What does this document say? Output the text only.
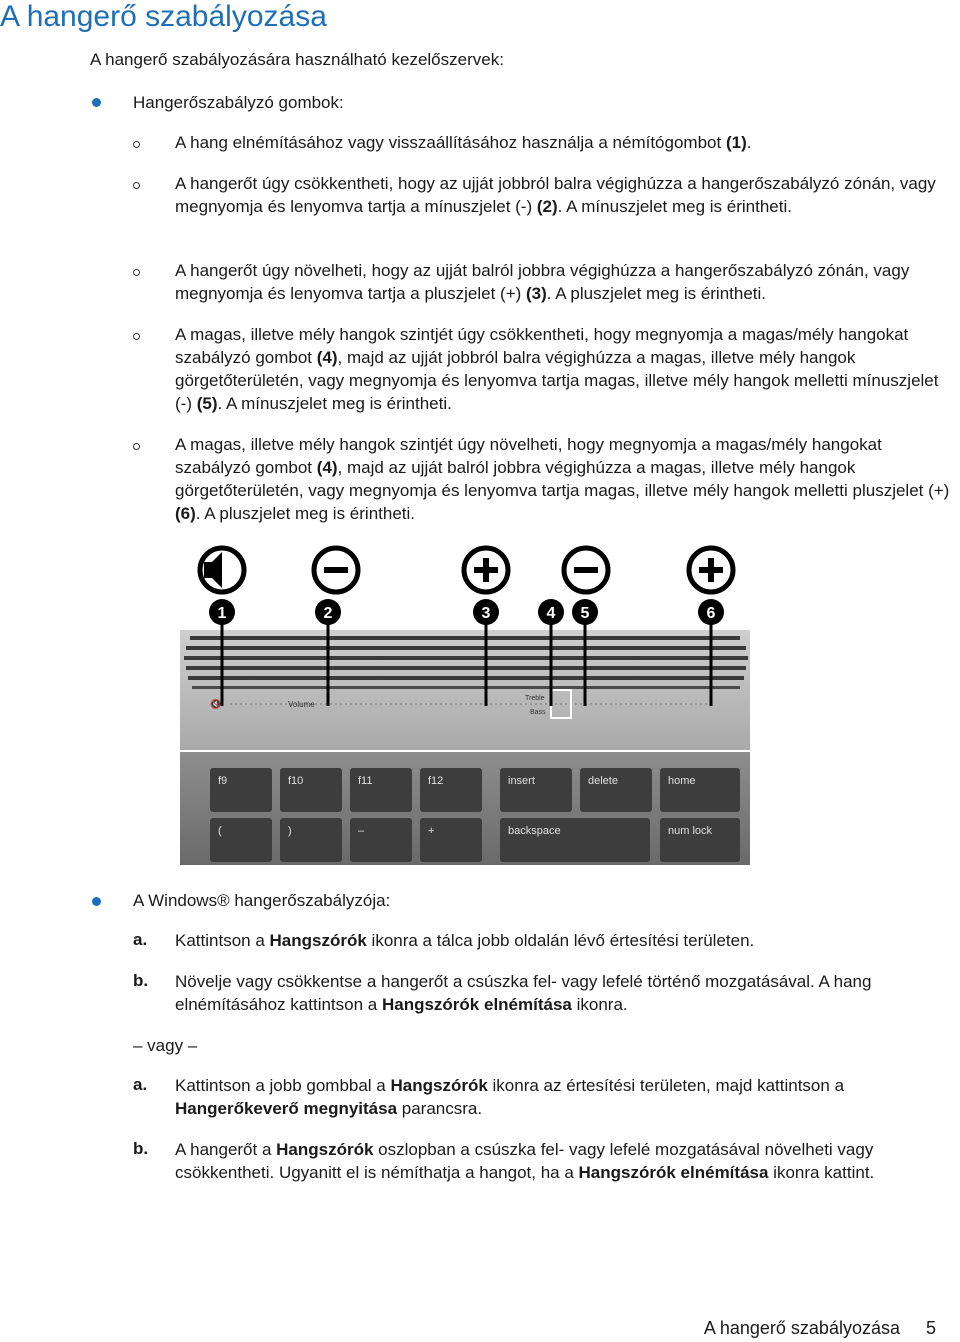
A hangerő szabályozása
A hangerő szabályozására használható kezelőszervek:
Hangerőszabályzó gombok:
A hang elnémításához vagy visszaállításához használja a némítógombot (1).
A hangerőt úgy csökkentheti, hogy az ujját jobbról balra végighúzza a hangerőszabályzó zónán, vagy megnyomja és lenyomva tartja a mínuszjelet (-) (2). A mínuszjelet meg is érintheti.
A hangerőt úgy növelheti, hogy az ujját balról jobbra végighúzza a hangerőszabályzó zónán, vagy megnyomja és lenyomva tartja a pluszjelet (+) (3). A pluszjelet meg is érintheti.
A magas, illetve mély hangok szintjét úgy csökkentheti, hogy megnyomja a magas/mély hangokat szabályzó gombot (4), majd az ujját jobbról balra végighúzza a magas, illetve mély hangok görgetőterületén, vagy megnyomja és lenyomva tartja magas, illetve mély hangok melletti mínuszjelet (-) (5). A mínuszjelet meg is érintheti.
A magas, illetve mély hangok szintjét úgy növelheti, hogy megnyomja a magas/mély hangokat szabályzó gombot (4), majd az ujját balról jobbra végighúzza a magas, illetve mély hangok görgetőterületén, vagy megnyomja és lenyomva tartja magas, illetve mély hangok melletti pluszjelet (+) (6). A pluszjelet meg is érintheti.
🔇	Volume
Treble
Bass
f9	f10	f11	f12	insert	delete	home
(	)	–	+	backspace	num lock
1	2	3	4 5	6
A Windows® hangerőszabályzója:
a. Kattintson a Hangszórók ikonra a tálca jobb oldalán lévő értesítési területen.
b. Növelje vagy csökkentse a hangerőt a csúszka fel- vagy lefelé történő mozgatásával. A hang elnémításához kattintson a Hangszórók elnémítása ikonra.
– vagy –
a. Kattintson a jobb gombbal a Hangszórók ikonra az értesítési területen, majd kattintson a Hangerőkeverő megnyitása parancsra.
b. A hangerőt a Hangszórók oszlopban a csúszka fel- vagy lefelé mozgatásával növelheti vagy csökkentheti. Ugyanitt el is némíthatja a hangot, ha a Hangszórók elnémítása ikonra kattint.
A hangerő szabályozása 5
